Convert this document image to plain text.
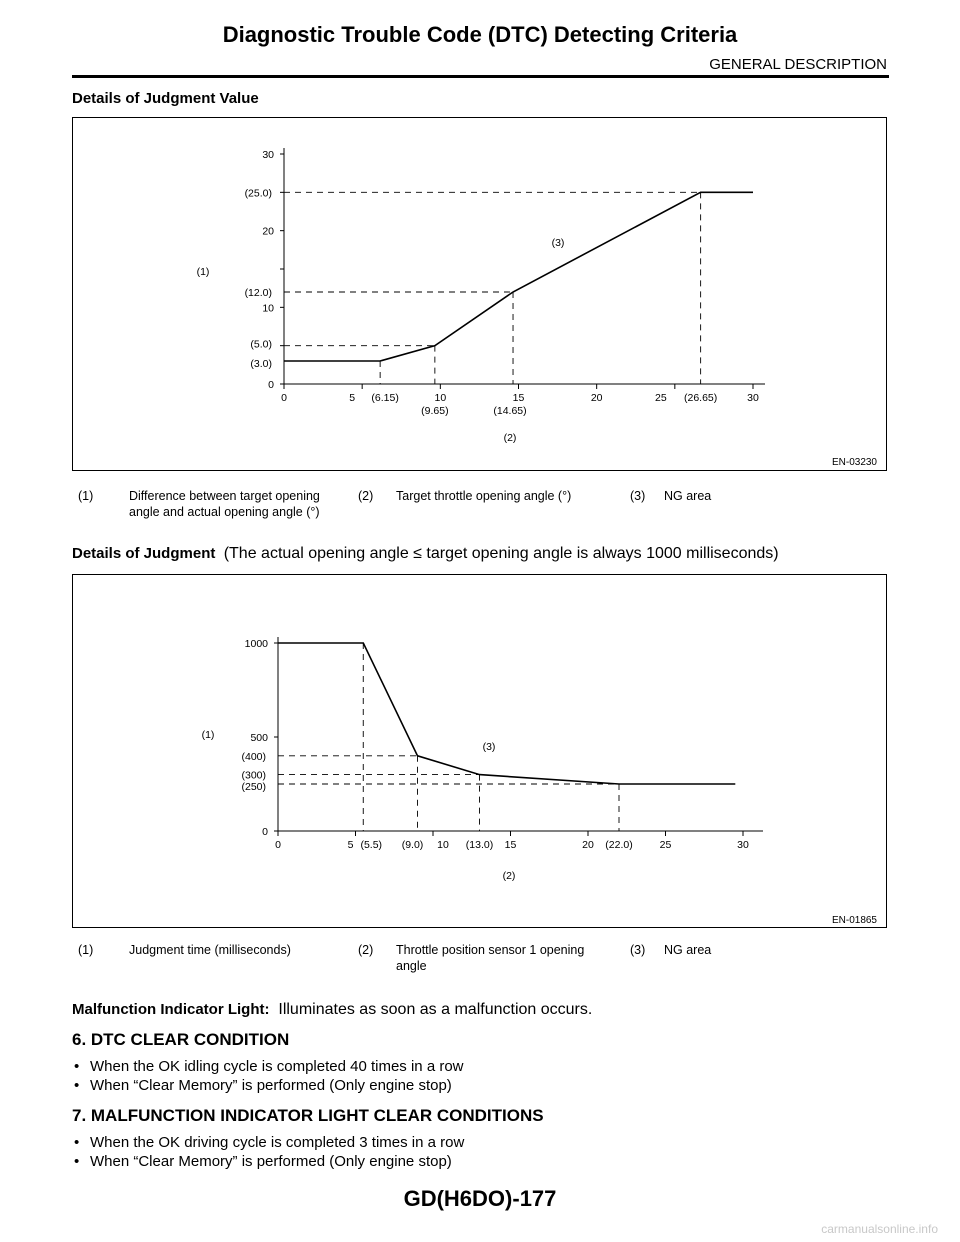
Diagnostic Trouble Code (DTC) Detecting Criteria
GENERAL DESCRIPTION
Details of Judgment Value
0
10
20
30
(3.0)
(5.0)
(12.0)
(25.0)
0	5	10	15	20	25	30
(6.15)
(9.65)	(14.65)
(26.65)
(1)
(2)
(3)
EN-03230
(1)	Difference between target opening angle and actual opening angle (°)
(2) Target throttle opening angle (°)	(3) NG area
Details of Judgment (The actual opening angle ≤ target opening angle is always 1000 milliseconds)
0
500
1000
(250)
(300)
(400)
0	5	10	15	20	25	30
(5.5) (9.0)	(13.0)	(22.0)
(1)
(2)
(3)
EN-01865
(1)	Judgment time (milliseconds)	(2) Throttle position sensor 1 opening angle
(3) NG area
Malfunction Indicator Light: Illuminates as soon as a malfunction occurs.
6. DTC CLEAR CONDITION
• When the OK idling cycle is completed 40 times in a row
• When “Clear Memory” is performed (Only engine stop)
7. MALFUNCTION INDICATOR LIGHT CLEAR CONDITIONS
• When the OK driving cycle is completed 3 times in a row
• When “Clear Memory” is performed (Only engine stop)
GD(H6DO)-177
carmanualsonline.info
